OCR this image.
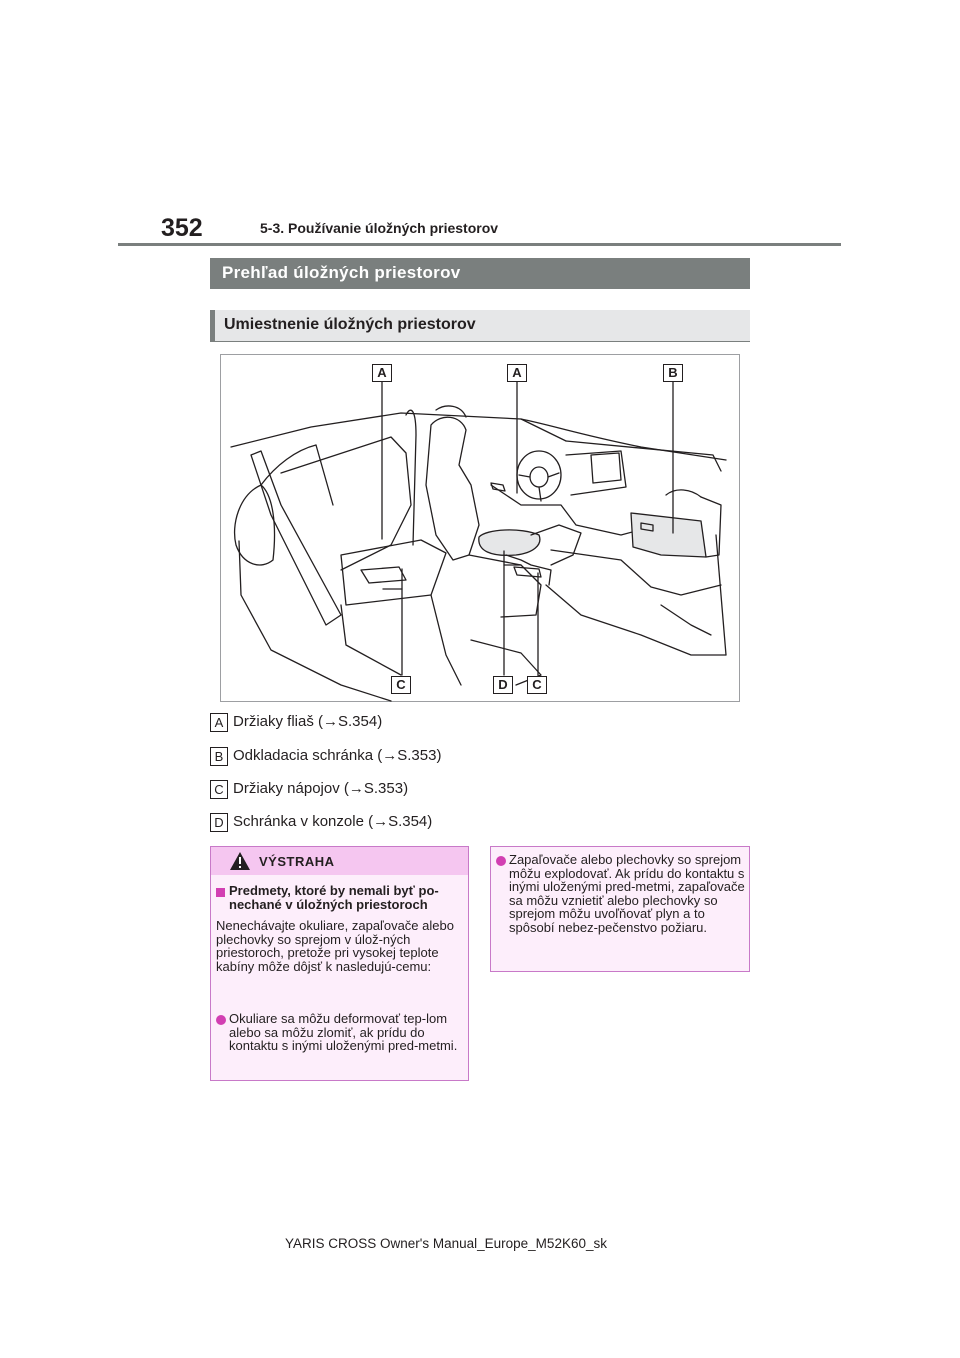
352	5-3. Používanie úložných priestorov
Prehľad úložných priestorov
Umiestnenie úložných priestorov
A	A	B
C	D	C
A Držiaky fliaš (→S.354)
B Odkladacia schránka (→S.353)
C Držiaky nápojov (→S.353)
D Schránka v konzole (→S.354)
VÝSTRAHA
Predmety, ktoré by nemali byť po-nechané v úložných priestoroch
Nenechávajte okuliare, zapaľovače alebo plechovky so sprejom v úlož-ných priestoroch, pretože pri vysokej teplote kabíny môže dôjsť k nasledujú-cemu:
Okuliare sa môžu deformovať tep-lom alebo sa môžu zlomiť, ak prídu do kontaktu s inými uloženými pred-metmi.
Zapaľovače alebo plechovky so sprejom môžu explodovať. Ak prídu do kontaktu s inými uloženými pred-metmi, zapaľovače sa môžu vznietiť alebo plechovky so sprejom môžu uvoľňovať plyn a to spôsobí nebez-pečenstvo požiaru.
YARIS CROSS Owner's Manual_Europe_M52K60_sk
